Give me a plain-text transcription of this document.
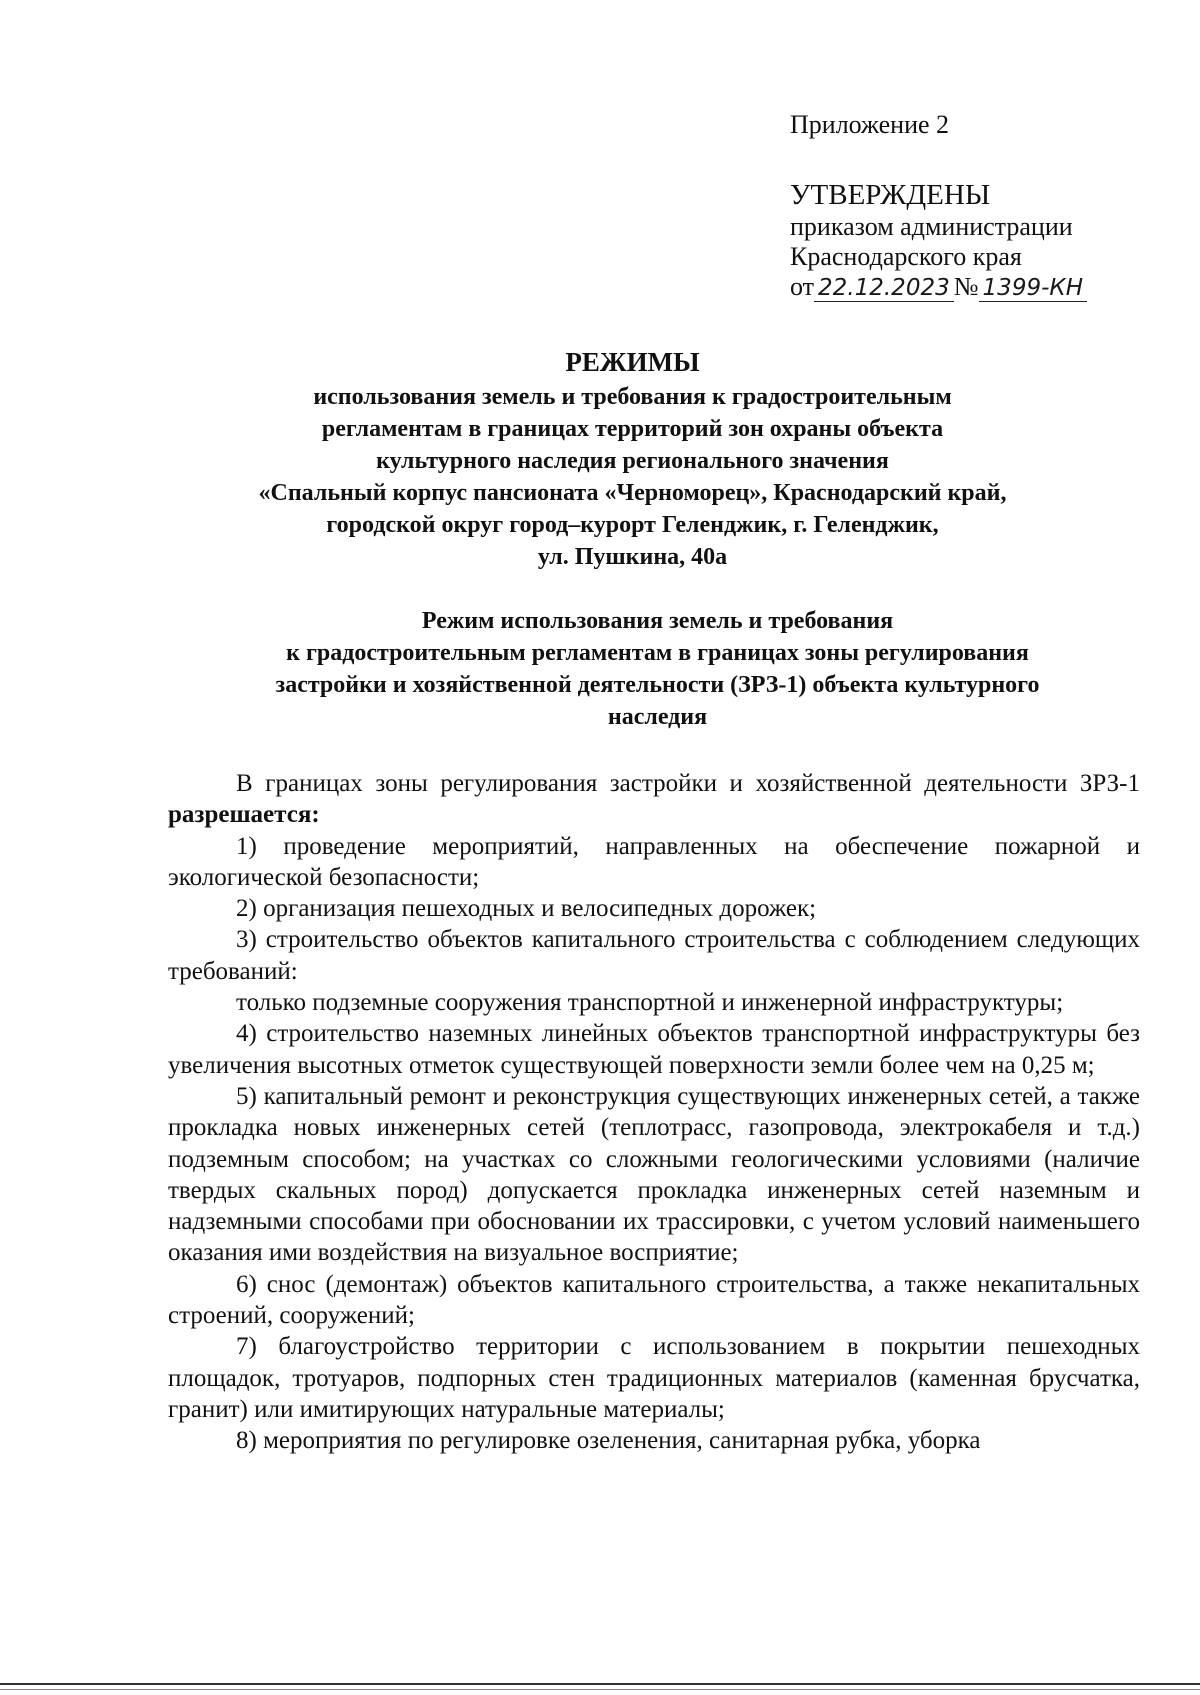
Приложение 2

УТВЕРЖДЕНЫ

приказом администрации

Краснодарского края

от 22.12.2023 № 1399-КН

РЕЖИМЫ

использования земель и требования к градостроительным

регламентам в границах территорий зон охраны объекта

культурного наследия регионального значения

«Спальный корпус пансионата «Черноморец», Краснодарский край,

городской округ город–курорт Геленджик, г. Геленджик,

ул. Пушкина, 40а

Режим использования земель и требования

к градостроительным регламентам в границах зоны регулирования

застройки и хозяйственной деятельности (ЗРЗ-1) объекта культурного

наследия

В границах зоны регулирования застройки и хозяйственной деятельности ЗРЗ-1 разрешается:

1) проведение мероприятий, направленных на обеспечение пожарной и экологической безопасности;

2) организация пешеходных и велосипедных дорожек;

3) строительство объектов капитального строительства с соблюдением следующих требований:

только подземные сооружения транспортной и инженерной инфраструктуры;

4) строительство наземных линейных объектов транспортной инфраструктуры без увеличения высотных отметок существующей поверхности земли более чем на 0,25 м;

5) капитальный ремонт и реконструкция существующих инженерных сетей, а также прокладка новых инженерных сетей (теплотрасс, газопровода, электрокабеля и т.д.) подземным способом; на участках со сложными геологическими условиями (наличие твердых скальных пород) допускается прокладка инженерных сетей наземным и надземными способами при обосновании их трассировки, с учетом условий наименьшего оказания ими воздействия на визуальное восприятие;

6) снос (демонтаж) объектов капитального строительства, а также некапитальных строений, сооружений;

7) благоустройство территории с использованием в покрытии пешеходных площадок, тротуаров, подпорных стен традиционных материалов (каменная брусчатка, гранит) или имитирующих натуральные материалы;

8) мероприятия по регулировке озеленения, санитарная рубка, уборка
